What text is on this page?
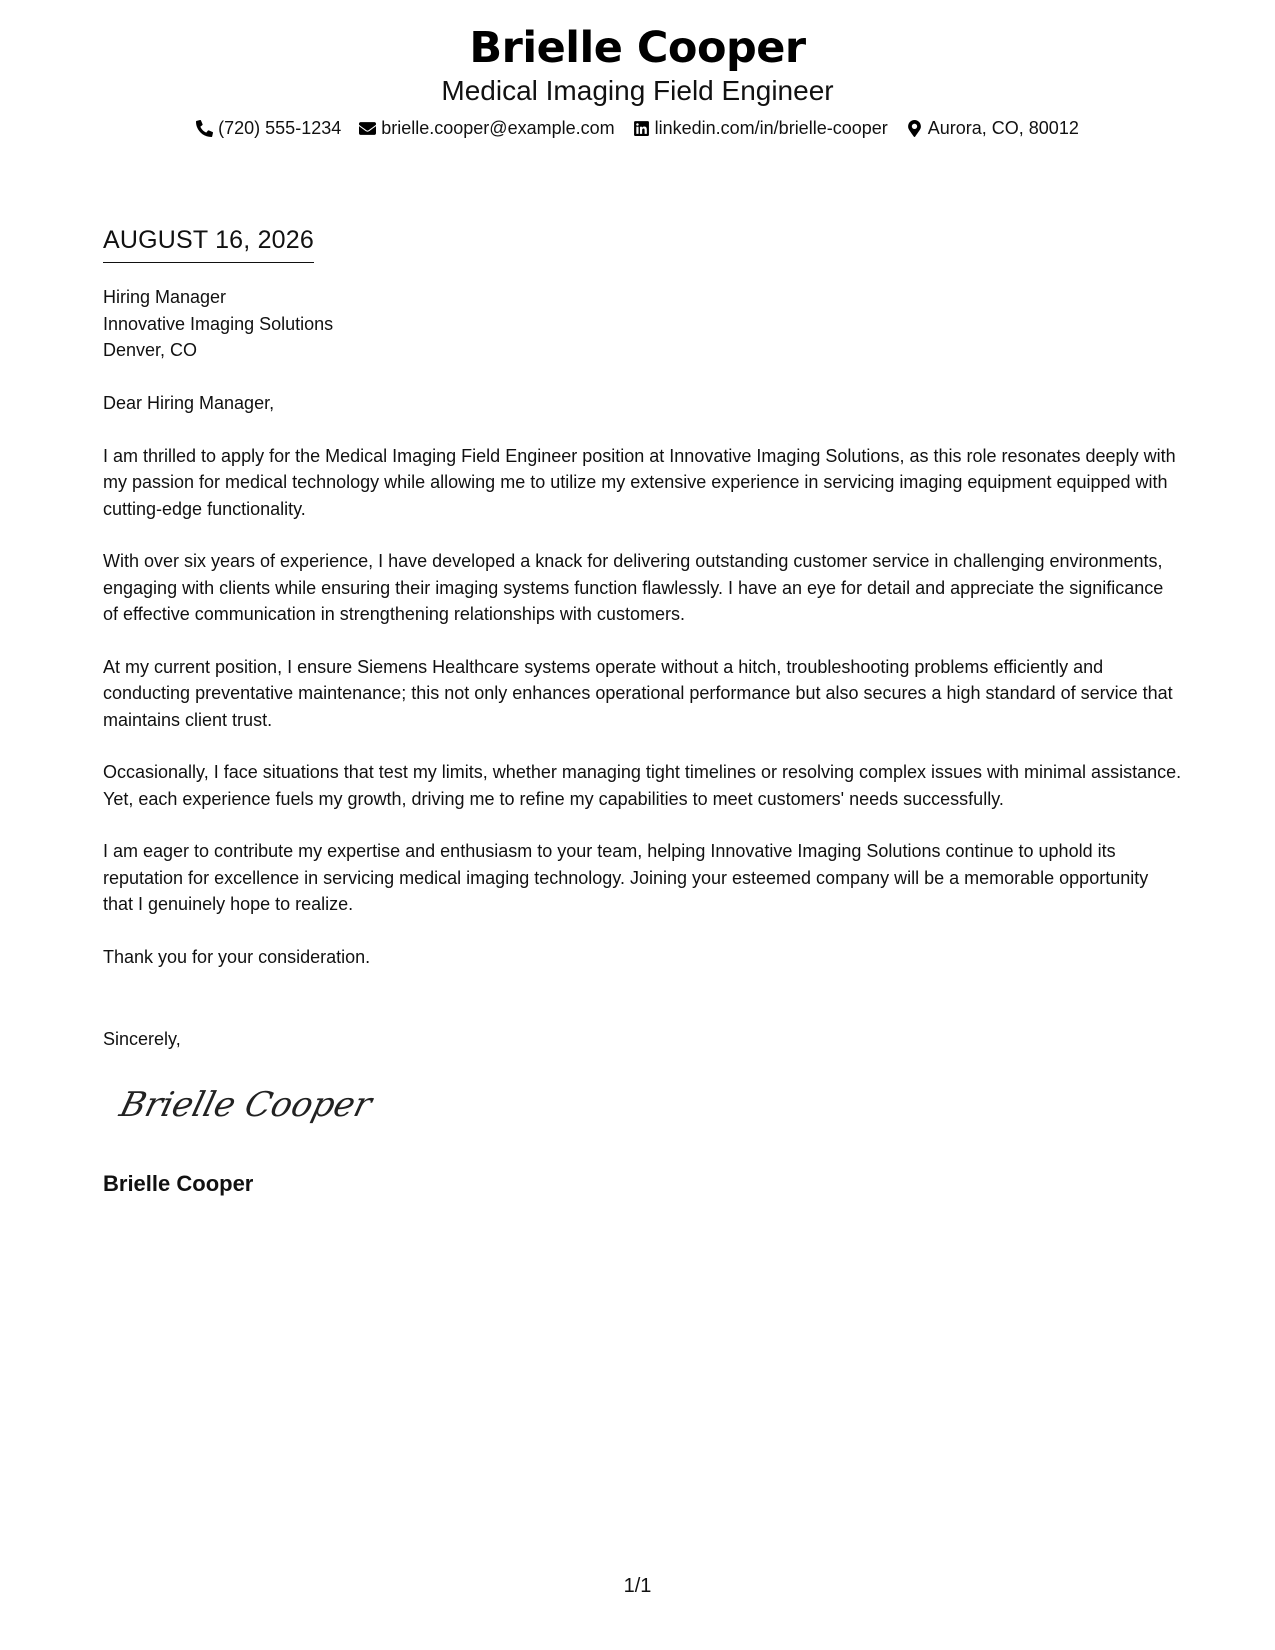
Brielle Cooper
Medical Imaging Field Engineer
(720) 555-1234 brielle.cooper@example.com linkedin.com/in/brielle-cooper Aurora, CO, 80012
AUGUST 16, 2026
Hiring Manager
Innovative Imaging Solutions
Denver, CO

Dear Hiring Manager,

I am thrilled to apply for the Medical Imaging Field Engineer position at Innovative Imaging Solutions, as this role resonates deeply with my passion for medical technology while allowing me to utilize my extensive experience in servicing imaging equipment equipped with cutting-edge functionality.

With over six years of experience, I have developed a knack for delivering outstanding customer service in challenging environments, engaging with clients while ensuring their imaging systems function flawlessly. I have an eye for detail and appreciate the significance of effective communication in strengthening relationships with customers.

At my current position, I ensure Siemens Healthcare systems operate without a hitch, troubleshooting problems efficiently and conducting preventative maintenance; this not only enhances operational performance but also secures a high standard of service that maintains client trust.

Occasionally, I face situations that test my limits, whether managing tight timelines or resolving complex issues with minimal assistance. Yet, each experience fuels my growth, driving me to refine my capabilities to meet customers' needs successfully.

I am eager to contribute my expertise and enthusiasm to your team, helping Innovative Imaging Solutions continue to uphold its reputation for excellence in servicing medical imaging technology. Joining your esteemed company will be a memorable opportunity that I genuinely hope to realize.

Thank you for your consideration.

Sincerely,
Brielle Cooper
Brielle Cooper
1/1
